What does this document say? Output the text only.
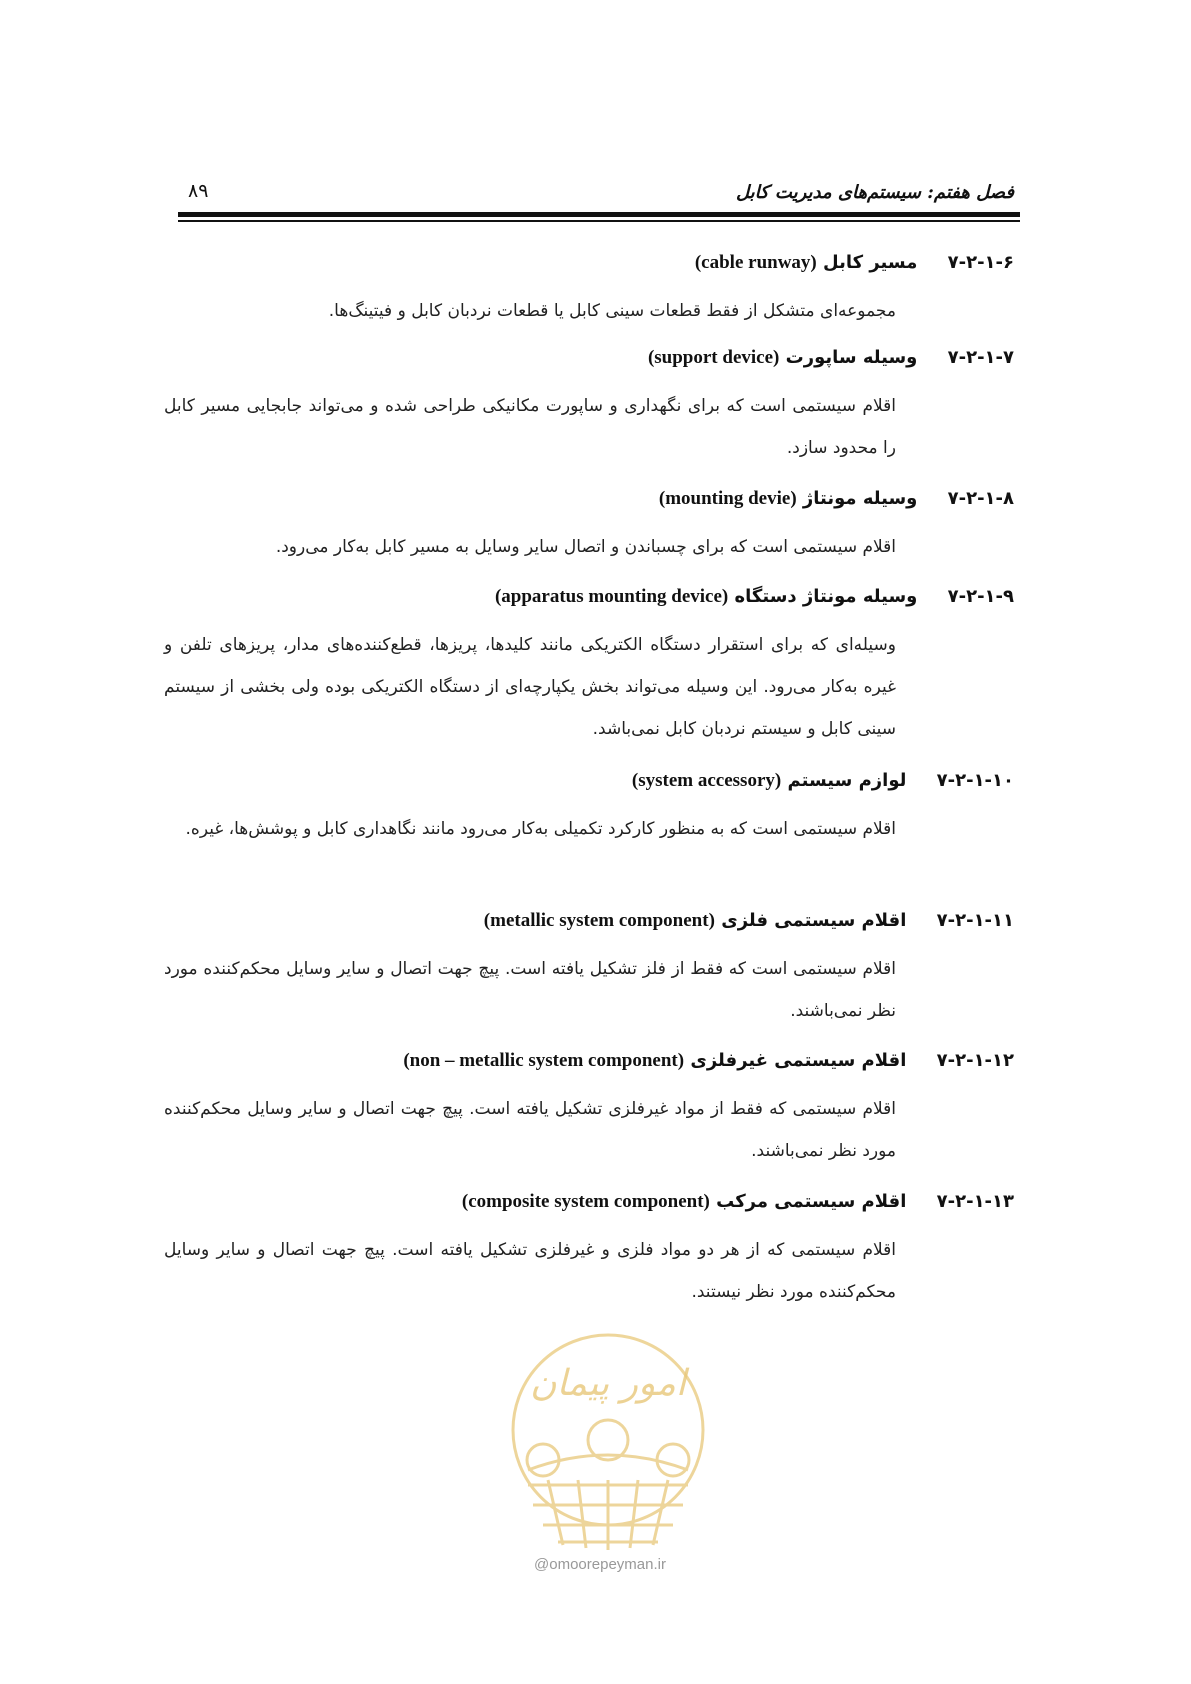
فصل هفتم: سیستم‌های مدیریت کابل
۸۹
۷-۲-۱-۶ مسیر کابل (cable runway)
مجموعه‌ای متشکل از فقط قطعات سینی کابل یا قطعات نردبان کابل و فیتینگ‌ها.
۷-۲-۱-۷ وسیله ساپورت (support device)
اقلام سیستمی است که برای نگهداری و ساپورت مکانیکی طراحی شده و می‌تواند جابجایی مسیر کابل را محدود سازد.
۷-۲-۱-۸ وسیله مونتاژ (mounting devie)
اقلام سیستمی است که برای چسباندن و اتصال سایر وسایل به مسیر کابل به‌کار می‌رود.
۷-۲-۱-۹ وسیله مونتاژ دستگاه (apparatus mounting device)
وسیله‌ای که برای استقرار دستگاه الکتریکی مانند کلیدها، پریزها، قطع‌کننده‌های مدار، پریزهای تلفن و غیره به‌کار می‌رود. این وسیله می‌تواند بخش یکپارچه‌ای از دستگاه الکتریکی بوده ولی بخشی از سیستم سینی کابل و سیستم نردبان کابل نمی‌باشد.
۷-۲-۱-۱۰ لوازم سیستم (system accessory)
اقلام سیستمی است که به منظور کارکرد تکمیلی به‌کار می‌رود مانند نگاهداری کابل و پوشش‌ها، غیره.
۷-۲-۱-۱۱ اقلام سیستمی فلزی (metallic system component)
اقلام سیستمی است که فقط از فلز تشکیل یافته است. پیچ جهت اتصال و سایر وسایل محکم‌کننده مورد نظر نمی‌باشند.
۷-۲-۱-۱۲ اقلام سیستمی غیرفلزی (non – metallic system component)
اقلام سیستمی که فقط از مواد غیرفلزی تشکیل یافته است. پیچ جهت اتصال و سایر وسایل محکم‌کننده مورد نظر نمی‌باشند.
۷-۲-۱-۱۳ اقلام سیستمی مرکب (composite system component)
اقلام سیستمی که از هر دو مواد فلزی و غیرفلزی تشکیل یافته است. پیچ جهت اتصال و سایر وسایل محکم‌کننده مورد نظر نیستند.
امور پیمان
@omoorepeyman.ir
